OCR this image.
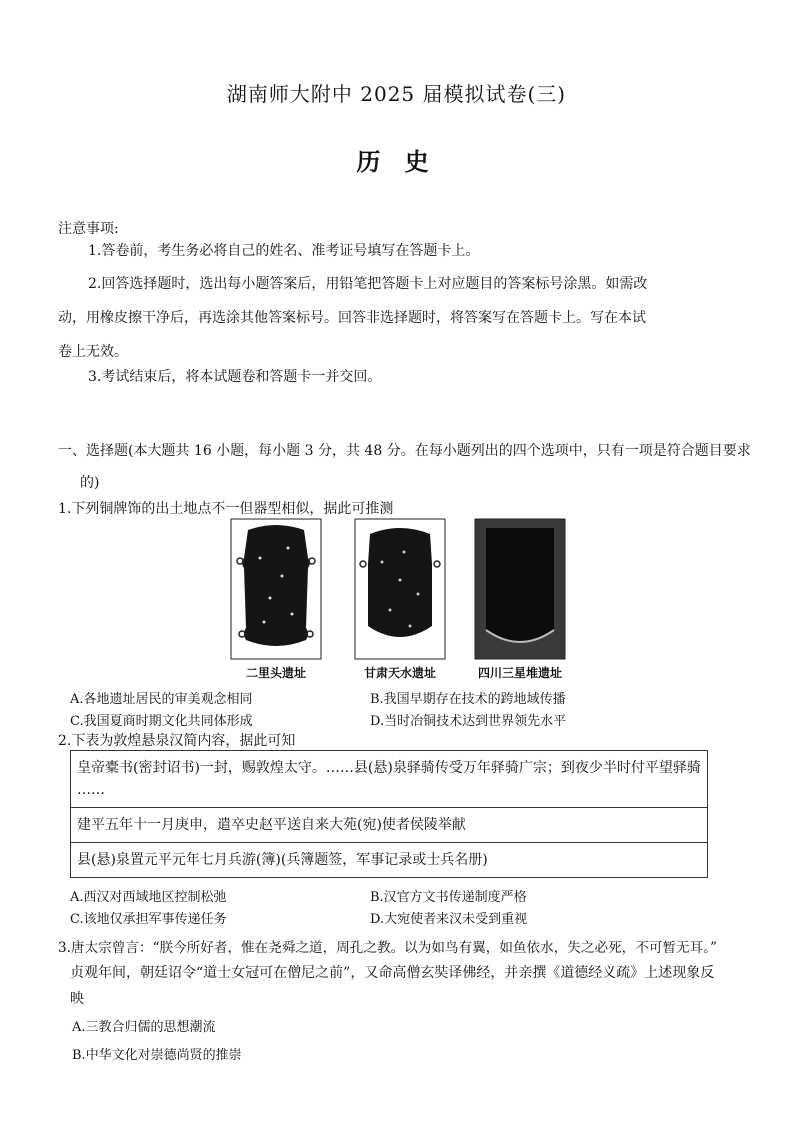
湖南师大附中 2025 届模拟试卷(三)
历 史
注意事项:
1.答卷前，考生务必将自己的姓名、准考证号填写在答题卡上。
2.回答选择题时，选出每小题答案后，用铅笔把答题卡上对应题目的答案标号涂黑。如需改
动，用橡皮擦干净后，再选涂其他答案标号。回答非选择题时，将答案写在答题卡上。写在本试
卷上无效。
3.考试结束后，将本试题卷和答题卡一并交回。
一、选择题(本大题共 16 小题，每小题 3 分，共 48 分。在每小题列出的四个选项中，只有一项是符合题目要求
的)
1.下列铜牌饰的出土地点不一但器型相似，据此可推测
二里头遗址	甘肃天水遗址	四川三星堆遗址
A.各地遗址居民的审美观念相同	B.我国早期存在技术的跨地域传播
C.我国夏商时期文化共同体形成	D.当时冶铜技术达到世界领先水平
2.下表为敦煌悬泉汉简内容，据此可知
皇帝橐书(密封诏书)一封，赐敦煌太守。……县(悬)泉驿骑传受万年驿骑广宗；到夜少半时付平望驿骑
……

建平五年十一月庚申，遣卒史赵平送自来大苑(宛)使者侯陵举献

县(悬)泉置元平元年七月兵游(簿)(兵簿题签，军事记录或士兵名册)
A.西汉对西域地区控制松弛	B.汉官方文书传递制度严格
C.该地仅承担军事传递任务	D.大宛使者来汉未受到重视
3.唐太宗曾言：“朕今所好者，惟在尧舜之道，周孔之教。以为如鸟有翼，如鱼依水，失之必死，不可暂无耳。”
贞观年间，朝廷诏令“道士女冠可在僧尼之前”，又命高僧玄奘译佛经，并亲撰《道德经义疏》上述现象反
映
A.三教合归儒的思想潮流
B.中华文化对崇德尚贤的推崇
